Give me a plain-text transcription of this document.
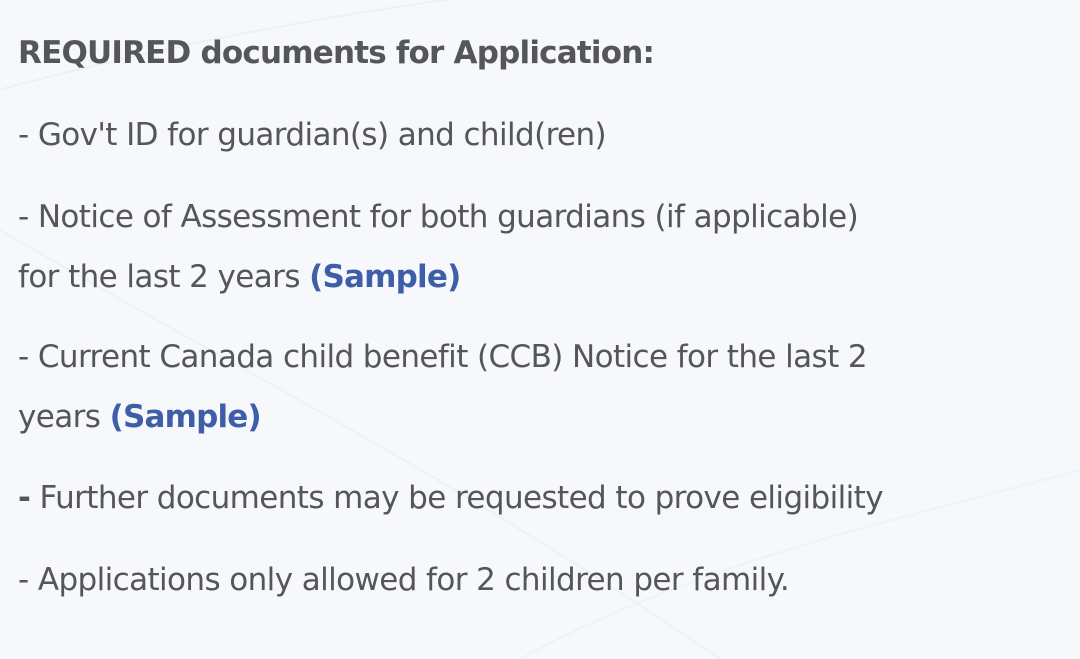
REQUIRED documents for Application:

- Gov't ID for guardian(s) and child(ren)

- Notice of Assessment for both guardians (if applicable)

for the last 2 years (Sample)

- Current Canada child benefit (CCB) Notice for the last 2

years (Sample)

- Further documents may be requested to prove eligibility

- Applications only allowed for 2 children per family.
